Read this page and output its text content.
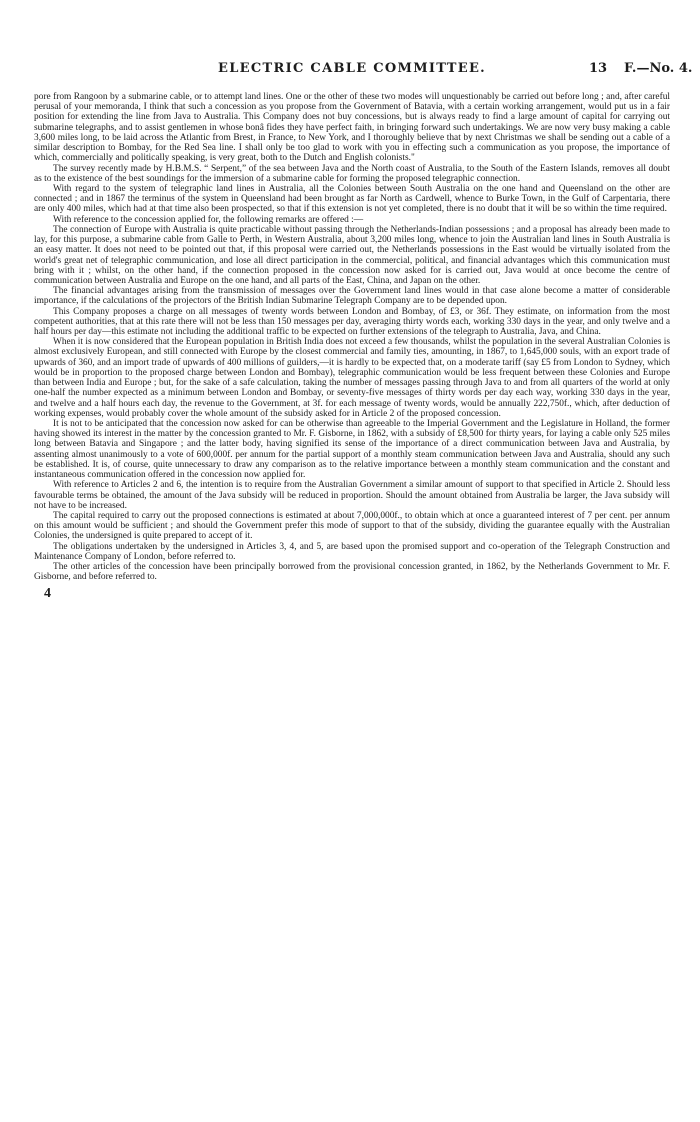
ELECTRIC CABLE COMMITTEE.	13 F.—No. 4.

pore from Rangoon by a submarine cable, or to attempt land lines. One or the other of these two modes will unquestionably be carried out before long ; and, after careful perusal of your memoranda, I think that such a concession as you propose from the Government of Batavia, with a certain working arrangement, would put us in a fair position for extending the line from Java to Australia. This Company does not buy concessions, but is always ready to find a large amount of capital for carrying out submarine telegraphs, and to assist gentlemen in whose bonâ fides they have perfect faith, in bringing forward such undertakings. We are now very busy making a cable 3,600 miles long, to be laid across the Atlantic from Brest, in France, to New York, and I thoroughly believe that by next Christmas we shall be sending out a cable of a similar description to Bombay, for the Red Sea line. I shall only be too glad to work with you in effecting such a communication as you propose, the importance of which, commercially and politically speaking, is very great, both to the Dutch and English colonists."

The survey recently made by H.B.M.S. “ Serpent,” of the sea between Java and the North coast of Australia, to the South of the Eastern Islands, removes all doubt as to the existence of the best soundings for the immersion of a submarine cable for forming the proposed telegraphic connection.

With regard to the system of telegraphic land lines in Australia, all the Colonies between South Australia on the one hand and Queensland on the other are connected ; and in 1867 the terminus of the system in Queensland had been brought as far North as Cardwell, whence to Burke Town, in the Gulf of Carpentaria, there are only 400 miles, which had at that time also been prospected, so that if this extension is not yet completed, there is no doubt that it will be so within the time required.

With reference to the concession applied for, the following remarks are offered :—

The connection of Europe with Australia is quite practicable without passing through the Netherlands-Indian possessions ; and a proposal has already been made to lay, for this purpose, a submarine cable from Galle to Perth, in Western Australia, about 3,200 miles long, whence to join the Australian land lines in South Australia is an easy matter. It does not need to be pointed out that, if this proposal were carried out, the Netherlands possessions in the East would be virtually isolated from the world's great net of telegraphic communication, and lose all direct participation in the commercial, political, and financial advantages which this communication must bring with it ; whilst, on the other hand, if the connection proposed in the concession now asked for is carried out, Java would at once become the centre of communication between Australia and Europe on the one hand, and all parts of the East, China, and Japan on the other.

The financial advantages arising from the transmission of messages over the Government land lines would in that case alone become a matter of considerable importance, if the calculations of the projectors of the British Indian Submarine Telegraph Company are to be depended upon.

This Company proposes a charge on all messages of twenty words between London and Bombay, of £3, or 36f. They estimate, on information from the most competent authorities, that at this rate there will not be less than 150 messages per day, averaging thirty words each, working 330 days in the year, and only twelve and a half hours per day—this estimate not including the additional traffic to be expected on further extensions of the telegraph to Australia, Java, and China.

When it is now considered that the European population in British India does not exceed a few thousands, whilst the population in the several Australian Colonies is almost exclusively European, and still connected with Europe by the closest commercial and family ties, amounting, in 1867, to 1,645,000 souls, with an export trade of upwards of 360, and an import trade of upwards of 400 millions of guilders,—it is hardly to be expected that, on a moderate tariff (say £5 from London to Sydney, which would be in proportion to the proposed charge between London and Bombay), telegraphic communication would be less frequent between these Colonies and Europe than between India and Europe ; but, for the sake of a safe calculation, taking the number of messages passing through Java to and from all quarters of the world at only one-half the number expected as a minimum between London and Bombay, or seventy-five messages of thirty words per day each way, working 330 days in the year, and twelve and a half hours each day, the revenue to the Government, at 3f. for each message of twenty words, would be annually 222,750f., which, after deduction of working expenses, would probably cover the whole amount of the subsidy asked for in Article 2 of the proposed concession.

It is not to be anticipated that the concession now asked for can be otherwise than agreeable to the Imperial Government and the Legislature in Holland, the former having showed its interest in the matter by the concession granted to Mr. F. Gisborne, in 1862, with a subsidy of £8,500 for thirty years, for laying a cable only 525 miles long between Batavia and Singapore ; and the latter body, having signified its sense of the importance of a direct communication between Java and Australia, by assenting almost unanimously to a vote of 600,000f. per annum for the partial support of a monthly steam communication between Java and Australia, should any such be established. It is, of course, quite unnecessary to draw any comparison as to the relative importance between a monthly steam communication and the constant and instantaneous communication offered in the concession now applied for.

With reference to Articles 2 and 6, the intention is to require from the Australian Government a similar amount of support to that specified in Article 2. Should less favourable terms be obtained, the amount of the Java subsidy will be reduced in proportion. Should the amount obtained from Australia be larger, the Java subsidy will not have to be increased.

The capital required to carry out the proposed connections is estimated at about 7,000,000f., to obtain which at once a guaranteed interest of 7 per cent. per annum on this amount would be sufficient ; and should the Government prefer this mode of support to that of the subsidy, dividing the guarantee equally with the Australian Colonies, the undersigned is quite prepared to accept of it.

The obligations undertaken by the undersigned in Articles 3, 4, and 5, are based upon the promised support and co-operation of the Telegraph Construction and Maintenance Company of London, before referred to.

The other articles of the concession have been principally borrowed from the provisional concession granted, in 1862, by the Netherlands Government to Mr. F. Gisborne, and before referred to.

4
